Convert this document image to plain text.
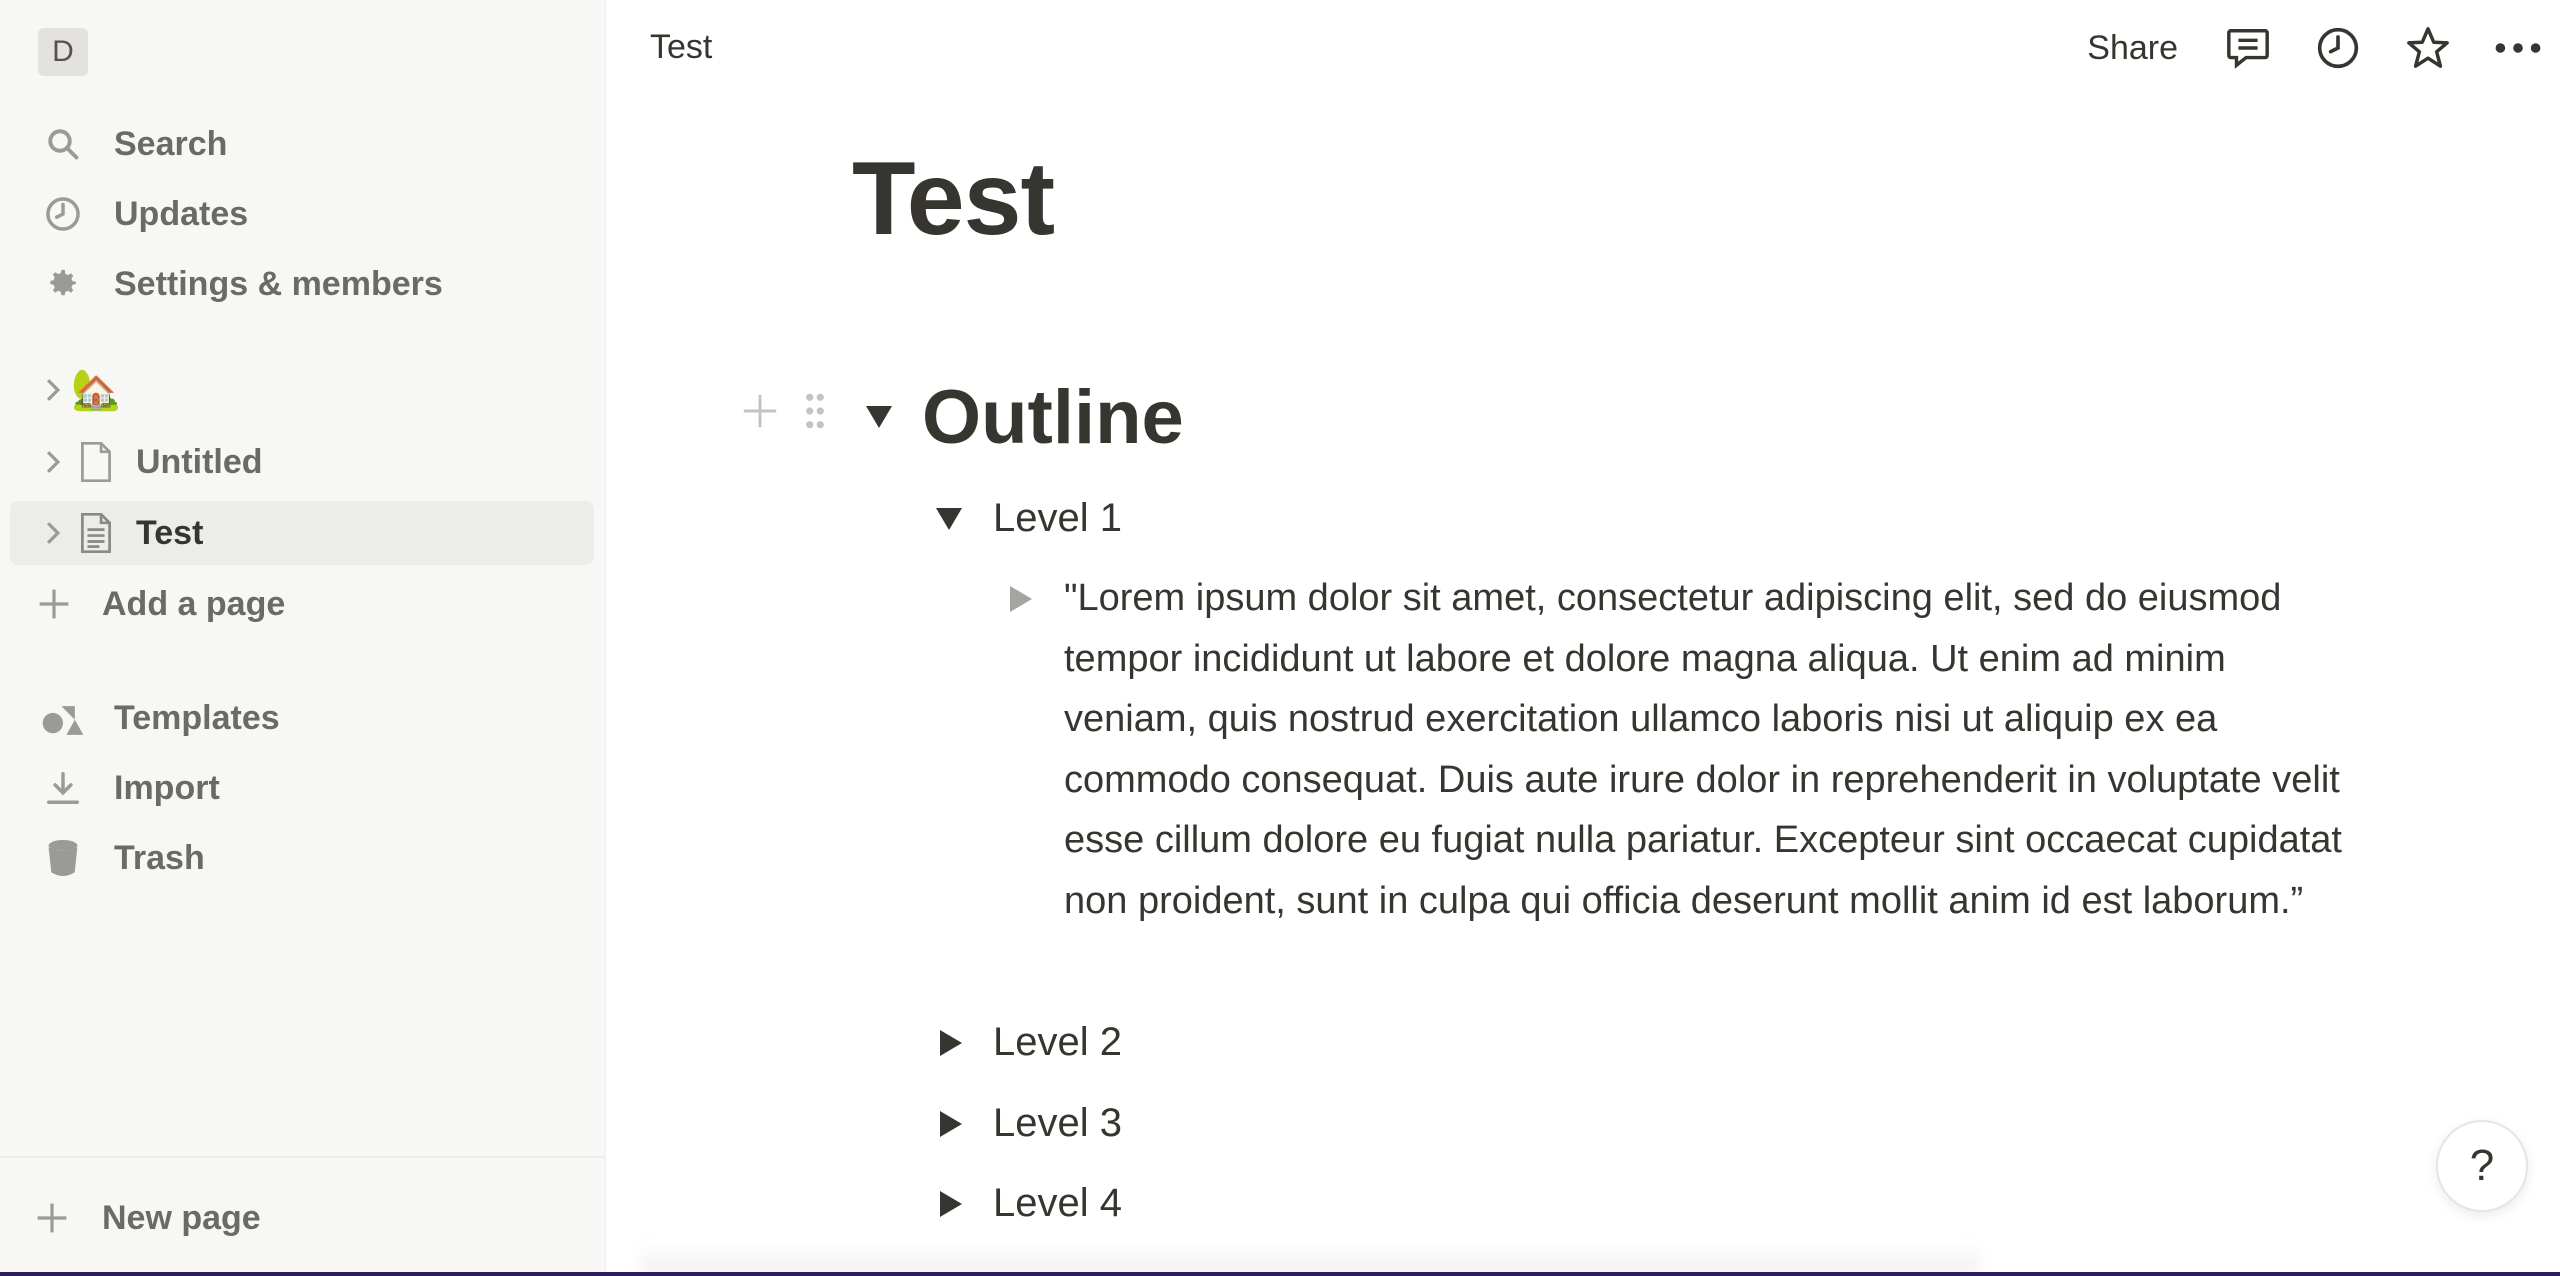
D
Search
Updates
Settings & members
🏡
Untitled
Test
Add a page
Templates
Import
Trash
New page
Test	Share
Test
Outline
Level 1
"Lorem ipsum dolor sit amet, consectetur adipiscing elit, sed do eiusmod tempor incididunt ut labore et dolore magna aliqua. Ut enim ad minim veniam, quis nostrud exercitation ullamco laboris nisi ut aliquip ex ea commodo consequat. Duis aute irure dolor in reprehenderit in voluptate velit esse cillum dolore eu fugiat nulla pariatur. Excepteur sint occaecat cupidatat non proident, sunt in culpa qui officia deserunt mollit anim id est laborum.”
Level 2
Level 3
Level 4
?
